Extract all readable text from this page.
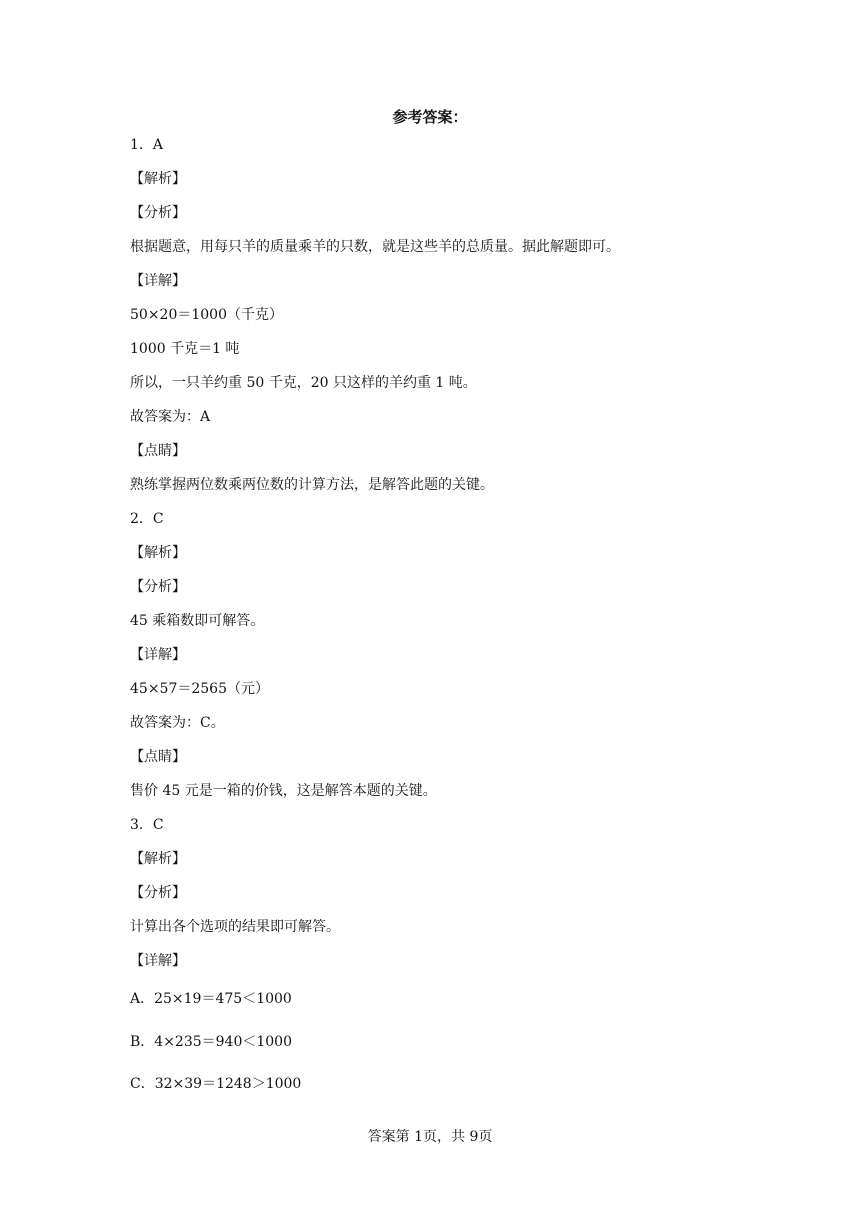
参考答案：
1．A
【解析】
【分析】
根据题意，用每只羊的质量乘羊的只数，就是这些羊的总质量。据此解题即可。
【详解】
50×20＝1000（千克）
1000 千克＝1 吨
所以，一只羊约重 50 千克，20 只这样的羊约重 1 吨。
故答案为：A
【点睛】
熟练掌握两位数乘两位数的计算方法，是解答此题的关键。
2．C
【解析】
【分析】
45 乘箱数即可解答。
【详解】
45×57＝2565（元）
故答案为：C。
【点睛】
售价 45 元是一箱的价钱，这是解答本题的关键。
3．C
【解析】
【分析】
计算出各个选项的结果即可解答。
【详解】
A．25×19＝475＜1000
B．4×235＝940＜1000
C．32×39＝1248＞1000
答案第 1页，共 9页
